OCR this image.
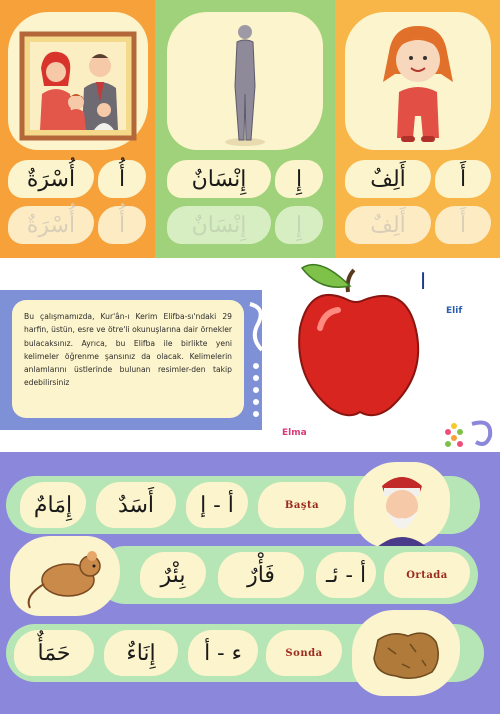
أُسْرَةٌ	أُ
أُسْرَةٌ	أُ
إِنْسَانٌ	إِ
إِنْسَانٌ	إِ
أَلِفٌ	أَ
أَلِفٌ	أَ

Bu çalışmamızda, Kur'ân-ı Kerim Elifba-sı'ndaki 29 harfin, üstün, esre ve ötre'li okunuşlarına dair örnekler bulacaksınız. Ayrıca, bu Elifba ile birlikte yeni kelimeler öğrenme şansınız da olacak. Kelimelerin anlamlarını üstlerinde bulunan resimler-den takip edebilirsiniz

ا
Elif
Elma
إِمَامٌ	أَسَدٌ	أ - إ	Başta
بِئْرٌ	فَأْرٌ	أ - ئـ	Ortada
حَمَأٌ	إِنَاءٌ	ء - أ	Sonda
